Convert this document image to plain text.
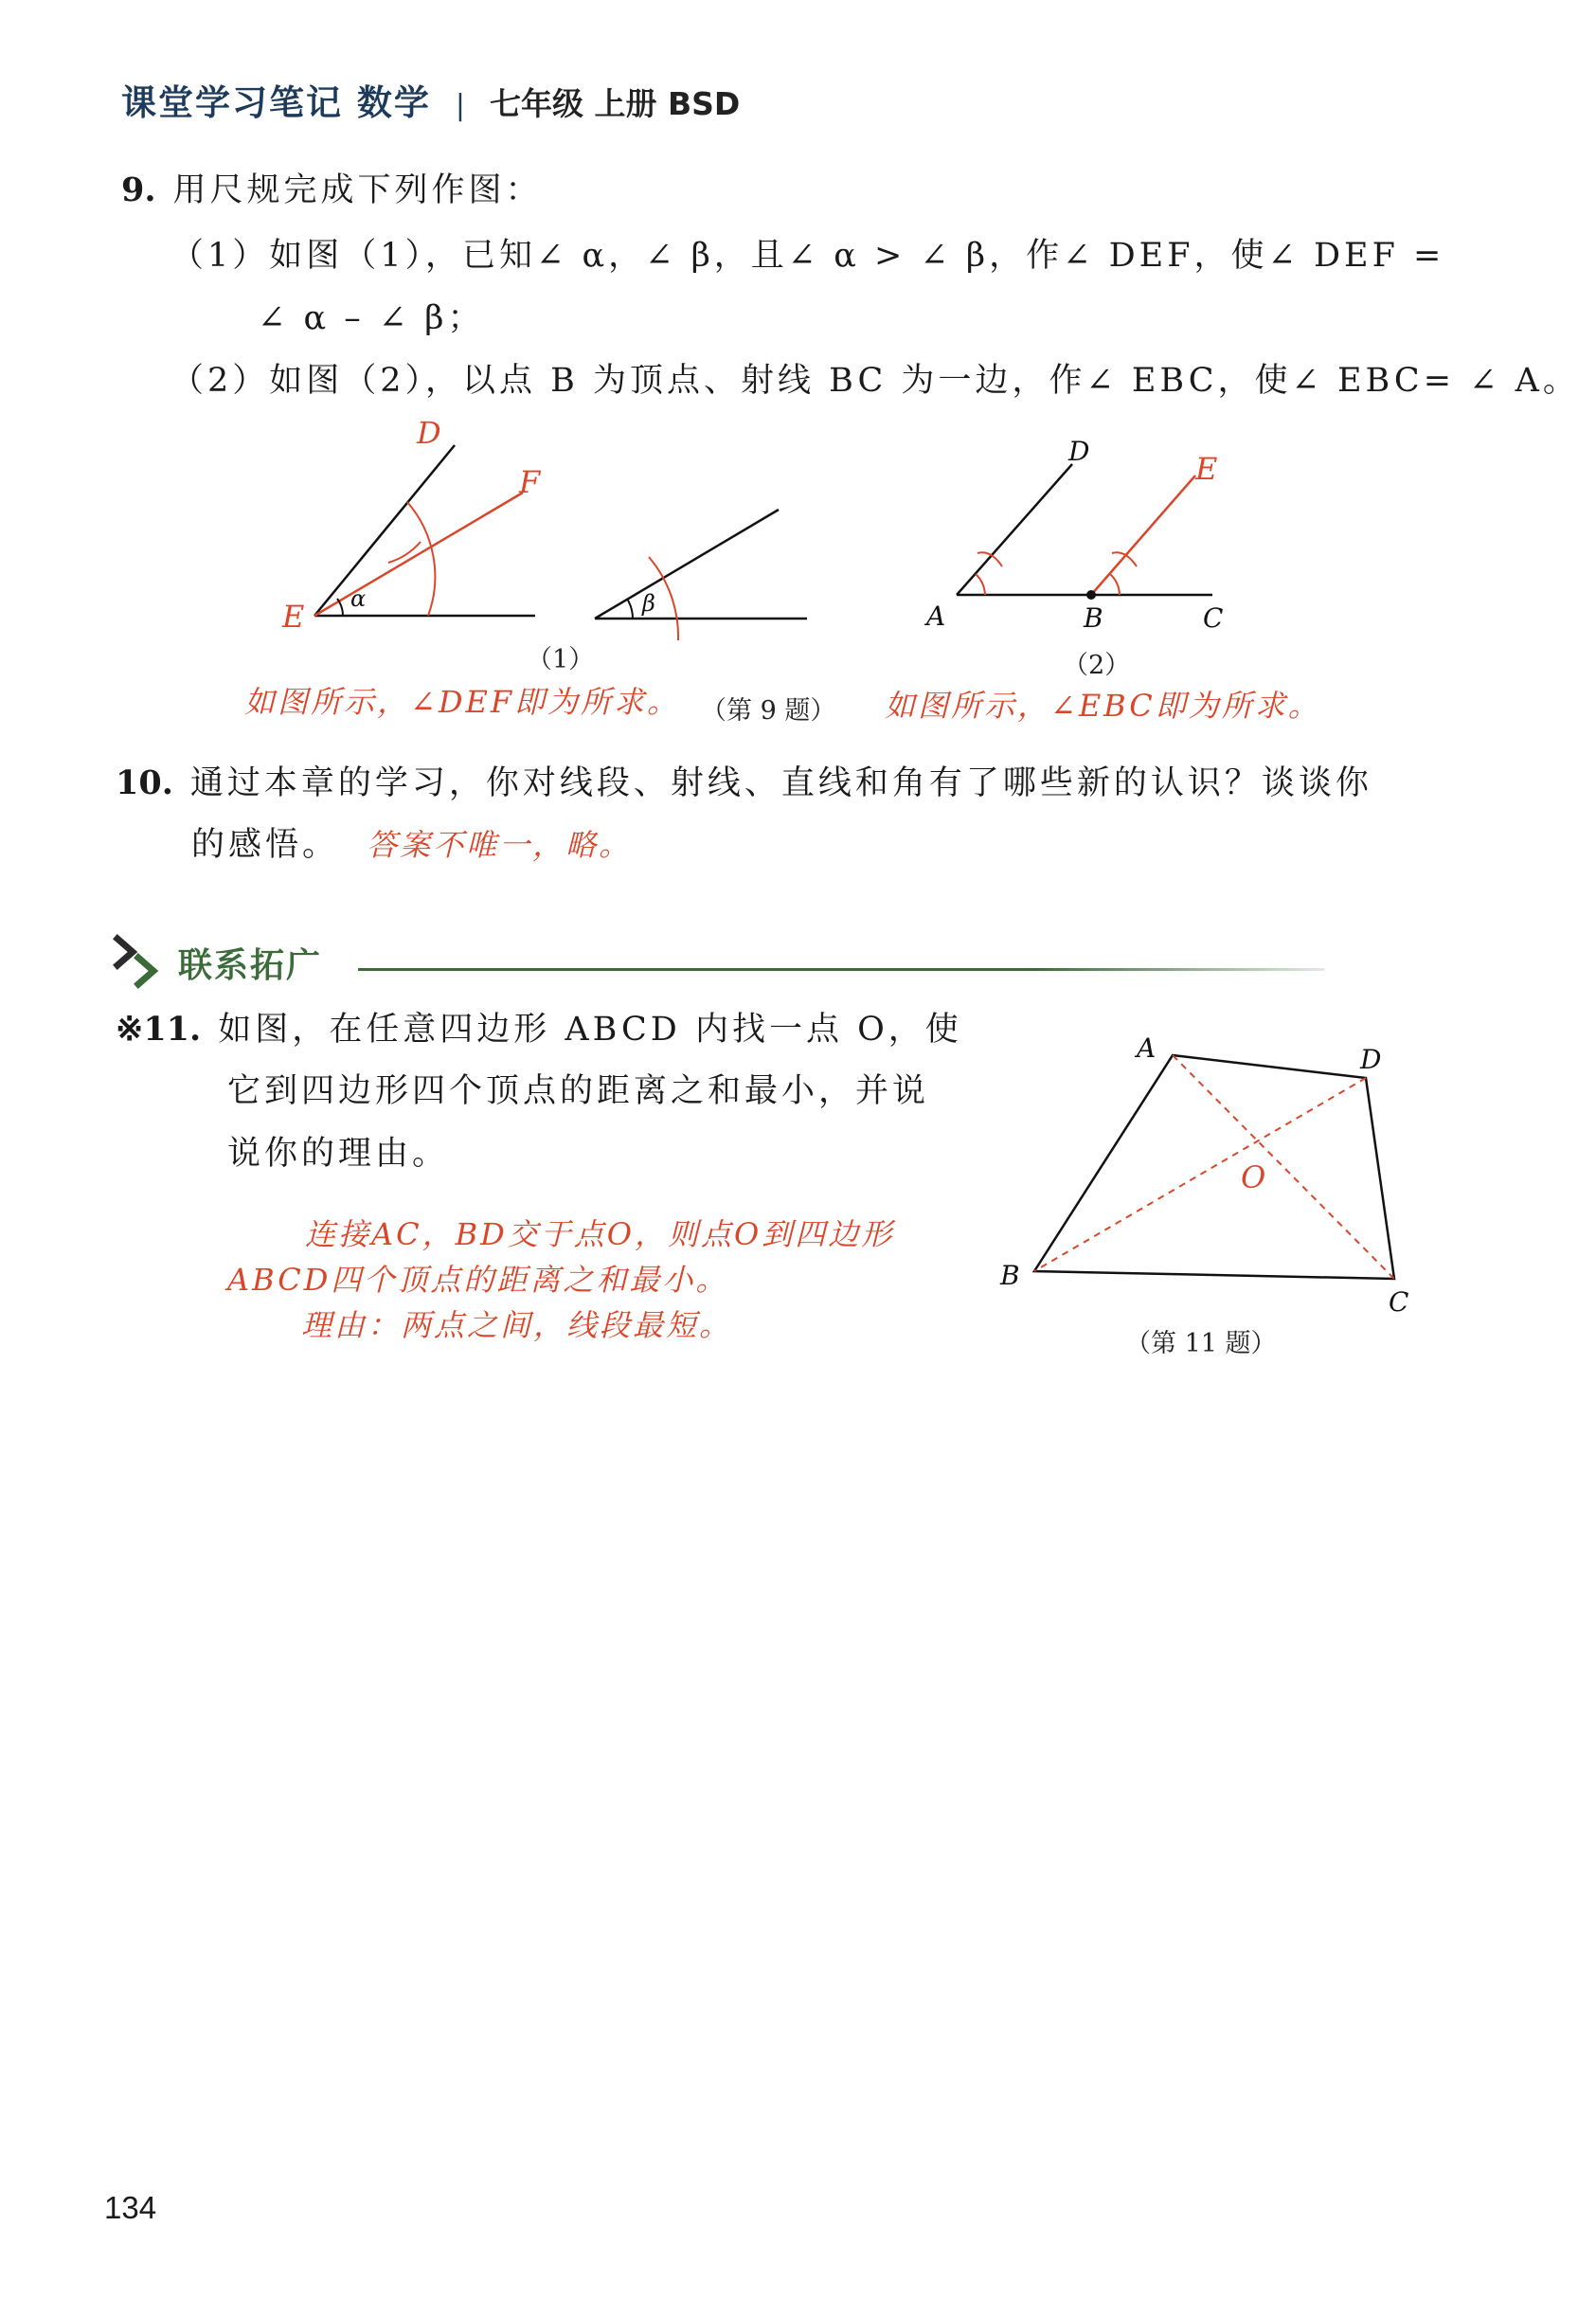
课堂学习笔记 数学 | 七年级 上册 BSD
9. 用尺规完成下列作图：
（1）如图（1），已知∠ α，∠ β，且∠ α > ∠ β，作∠ DEF，使∠ DEF =
∠ α – ∠ β；
（2）如图（2），以点 B 为顶点、射线 BC 为一边，作∠ EBC，使∠ EBC= ∠ A。
D
F
E α	β
（1）
D	E
A	B	C
（2）
如图所示，∠DEF即为所求。 （第 9 题） 如图所示，∠EBC即为所求。
10. 通过本章的学习，你对线段、射线、直线和角有了哪些新的认识？谈谈你
的感悟。 答案不唯一，略。
联系拓广
※11. 如图，在任意四边形 ABCD 内找一点 O，使
它到四边形四个顶点的距离之和最小，并说
说你的理由。
连接AC，BD交于点O，则点O到四边形
ABCD四个顶点的距离之和最小。
理由：两点之间，线段最短。
A	D
B
C
O
（第 11 题）
134
